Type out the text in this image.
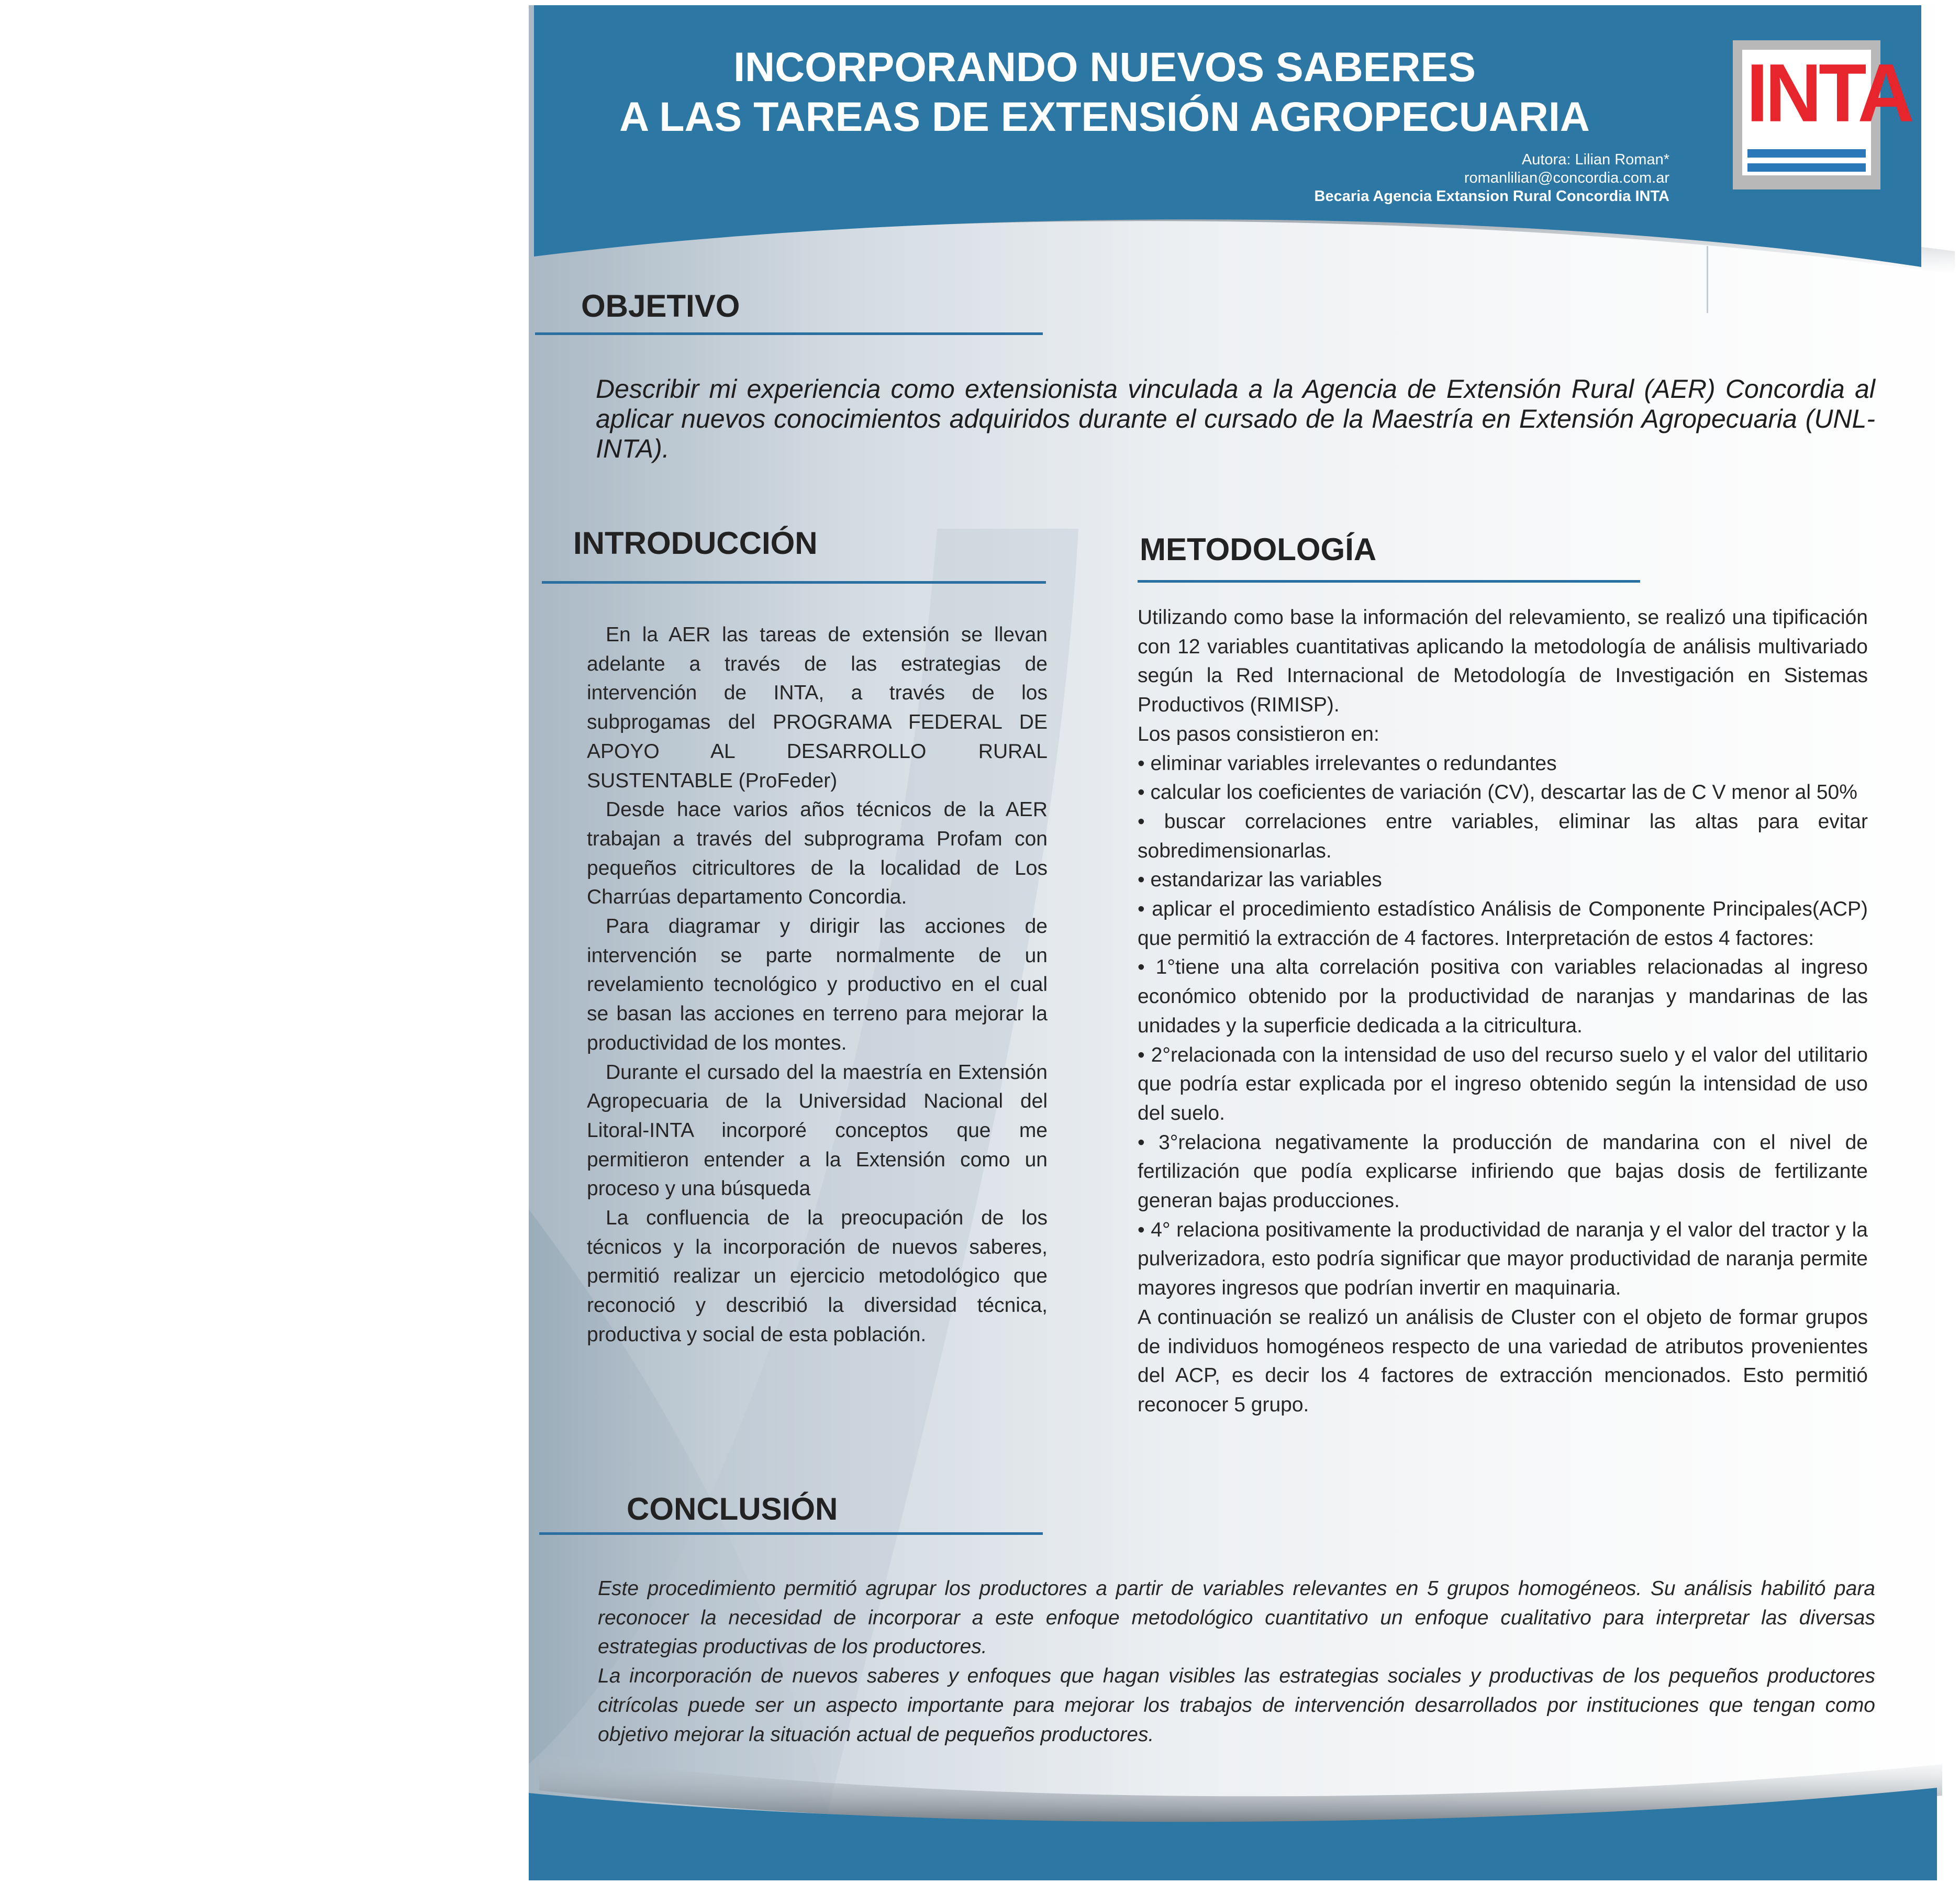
INCORPORANDO NUEVOS SABERES
A LAS TAREAS DE EXTENSIÓN AGROPECUARIA
Autora: Lilian Roman*
romanlilian@concordia.com.ar
Becaria Agencia Extansion Rural Concordia INTA
INTA
OBJETIVO

Describir mi experiencia como extensionista vinculada a la Agencia de Extensión Rural (AER) Concordia al aplicar nuevos conocimientos adquiridos durante el cursado de la Maestría en Extensión Agropecuaria (UNL-INTA).

INTRODUCCIÓN

En la AER las tareas de extensión se llevan adelante a través de las estrategias de intervención de INTA, a través de los subprogamas del PROGRAMA FEDERAL DE APOYO AL DESARROLLO RURAL SUSTENTABLE (ProFeder)

Desde hace varios años técnicos de la AER trabajan a través del subprograma Profam con pequeños citricultores de la localidad de Los Charrúas departamento Concordia.

Para diagramar y dirigir las acciones de intervención se parte normalmente de un revelamiento tecnológico y productivo en el cual se basan las acciones en terreno para mejorar la productividad de los montes.

Durante el cursado del la maestría en Extensión Agropecuaria de la Universidad Nacional del Litoral-INTA incorporé conceptos que me permitieron entender a la Extensión como un proceso y una búsqueda

La confluencia de la preocupación de los técnicos y la incorporación de nuevos saberes, permitió realizar un ejercicio metodológico que reconoció y describió la diversidad técnica, productiva y social de esta población.

METODOLOGÍA

Utilizando como base la información del relevamiento, se realizó una tipificación con 12 variables cuantitativas aplicando la metodología de análisis multivariado según la Red Internacional de Metodología de Investigación en Sistemas Productivos (RIMISP).

Los pasos consistieron en:

• eliminar variables irrelevantes o redundantes

• calcular los coeficientes de variación (CV), descartar las de C V menor al 50%

• buscar correlaciones entre variables, eliminar las altas para evitar sobredimensionarlas.

• estandarizar las variables

• aplicar el procedimiento estadístico Análisis de Componente Principales(ACP) que permitió la extracción de 4 factores. Interpretación de estos 4 factores:

• 1°tiene una alta correlación positiva con variables relacionadas al ingreso económico obtenido por la productividad de naranjas y mandarinas de las unidades y la superficie dedicada a la citricultura.

• 2°relacionada con la intensidad de uso del recurso suelo y el valor del utilitario que podría estar explicada por el ingreso obtenido según la intensidad de uso del suelo.

• 3°relaciona negativamente la producción de mandarina con el nivel de fertilización que podía explicarse infiriendo que bajas dosis de fertilizante generan bajas producciones.

• 4° relaciona positivamente la productividad de naranja y el valor del tractor y la pulverizadora, esto podría significar que mayor productividad de naranja permite mayores ingresos que podrían invertir en maquinaria.

A continuación se realizó un análisis de Cluster con el objeto de formar grupos de individuos homogéneos respecto de una variedad de atributos provenientes del ACP, es decir los 4 factores de extracción mencionados. Esto permitió reconocer 5 grupo.

CONCLUSIÓN

Este procedimiento permitió agrupar los productores a partir de variables relevantes en 5 grupos homogéneos. Su análisis habilitó para reconocer la necesidad de incorporar a este enfoque metodológico cuantitativo un enfoque cualitativo para interpretar las diversas estrategias productivas de los productores.

La incorporación de nuevos saberes y enfoques que hagan visibles las estrategias sociales y productivas de los pequeños productores citrícolas puede ser un aspecto importante para mejorar los trabajos de intervención desarrollados por instituciones que tengan como objetivo mejorar la situación actual de pequeños productores.
